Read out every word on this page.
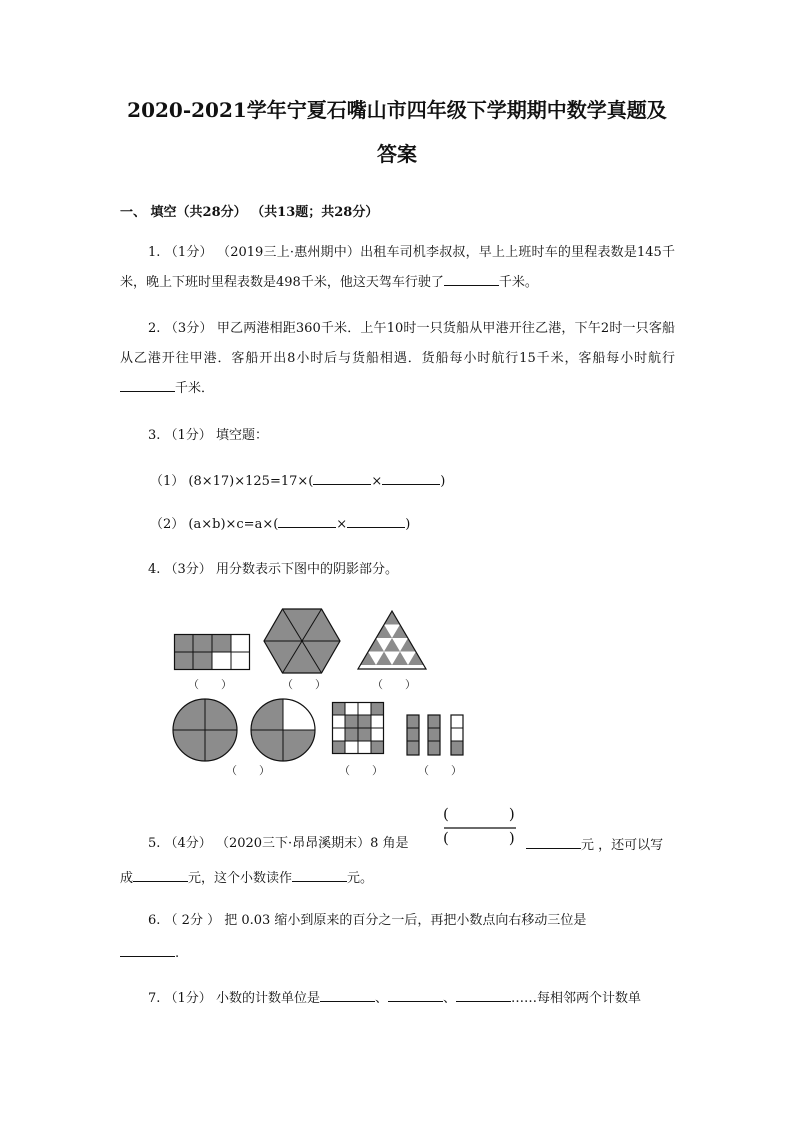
2020-2021学年宁夏石嘴山市四年级下学期期中数学真题及
答案
一、 填空（共28分） （共13题；共28分）
1. （1分） （2019三上·惠州期中）出租车司机李叔叔，早上上班时车的里程表数是145千米，晚上下班时里程表数是498千米，他这天驾车行驶了	千米。
2. （3分） 甲乙两港相距360千米．上午10时一只货船从甲港开往乙港，下午2时一只客船从乙港开往甲港．客船开出8小时后与货船相遇．货船每小时航行15千米，客船每小时航行千米．
3. （1分） 填空题：
（1） (8×17)×125=17×(	×	)
（2） (a×b)×c=a×(	×	)
4. （3分） 用分数表示下图中的阴影部分。
（　　）	（　　）	（　　）
（　　）	（　　）	（　　）
5. （4分） （2020三下·昂昂溪期末）8 角是
(　　　　)
(　　　　)	元 ，还可以写
成	元，这个小数读作	元。
6. （ 2分 ） 把 0.03 缩小到原来的百分之一后，再把小数点向右移动三位是
.
7. （1分） 小数的计数单位是	、	、	……每相邻两个计数单
